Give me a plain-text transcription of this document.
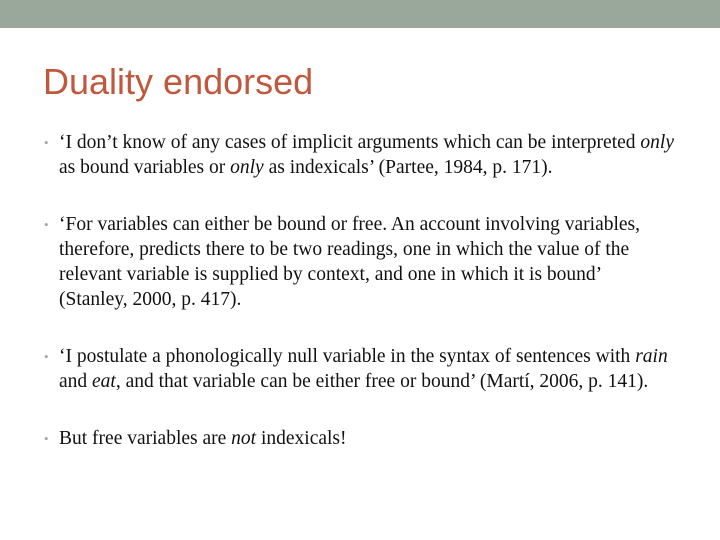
Duality endorsed
• ‘I don’t know of any cases of implicit arguments which can be interpreted only as bound variables or only as indexicals’ (Partee, 1984, p. 171).
• ‘For variables can either be bound or free. An account involving variables, therefore, predicts there to be two readings, one in which the value of the relevant variable is supplied by context, and one in which it is bound’ (Stanley, 2000, p. 417).
• ‘I postulate a phonologically null variable in the syntax of sentences with rain and eat, and that variable can be either free or bound’ (Martí, 2006, p. 141).
• But free variables are not indexicals!
